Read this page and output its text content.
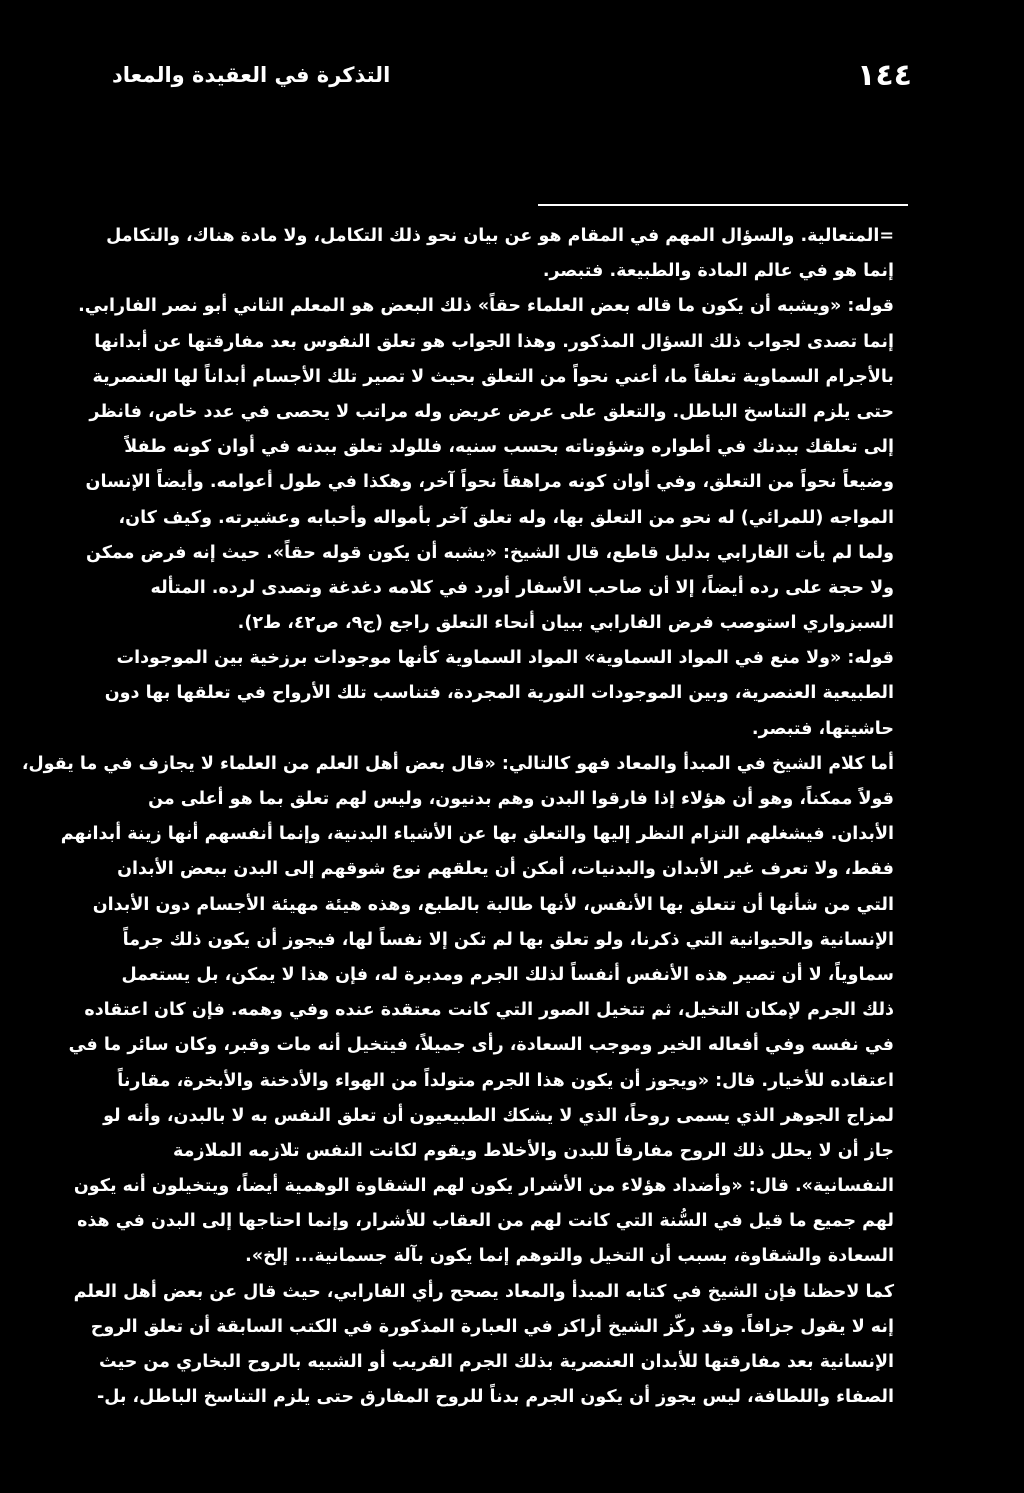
١٤٤
التذكرة في العقيدة والمعاد
=المتعالية. والسؤال المهم في المقام هو عن بيان نحو ذلك التكامل، ولا مادة هناك، والتكامل
إنما هو في عالم المادة والطبيعة. فتبصر.
قوله: «ويشبه أن يكون ما قاله بعض العلماء حقاً» ذلك البعض هو المعلم الثاني أبو نصر الفارابي.
إنما تصدى لجواب ذلك السؤال المذكور. وهذا الجواب هو تعلق النفوس بعد مفارقتها عن أبدانها
بالأجرام السماوية تعلقاً ما، أعني نحواً من التعلق بحيث لا تصير تلك الأجسام أبداناً لها العنصرية
حتى يلزم التناسخ الباطل. والتعلق على عرض عريض وله مراتب لا يحصى في عدد خاص، فانظر
إلى تعلقك ببدنك في أطواره وشؤوناته بحسب سنيه، فللولد تعلق ببدنه في أوان كونه طفلاً
وضيعاً نحواً من التعلق، وفي أوان كونه مراهقاً نحواً آخر، وهكذا في طول أعوامه. وأيضاً الإنسان
المواجه (للمرائي) له نحو من التعلق بها، وله تعلق آخر بأمواله وأحبابه وعشيرته. وكيف كان،
ولما لم يأت الفارابي بدليل قاطع، قال الشيخ: «يشبه أن يكون قوله حقاً». حيث إنه فرض ممكن
ولا حجة على رده أيضاً، إلا أن صاحب الأسفار أورد في كلامه دغدغة وتصدى لرده. المتأله
السبزواري استوصب فرض الفارابي ببيان أنحاء التعلق راجع (ج٩، ص٤٢، ط٢).
قوله: «ولا منع في المواد السماوية» المواد السماوية كأنها موجودات برزخية بين الموجودات
الطبيعية العنصرية، وبين الموجودات النورية المجردة، فتناسب تلك الأرواح في تعلقها بها دون
حاشيتها، فتبصر.
أما كلام الشيخ في المبدأ والمعاد فهو كالتالي: «قال بعض أهل العلم من العلماء لا يجازف في ما يقول،
قولاً ممكناً، وهو أن هؤلاء إذا فارقوا البدن وهم بدنيون، وليس لهم تعلق بما هو أعلى من
الأبدان. فيشغلهم التزام النظر إليها والتعلق بها عن الأشياء البدنية، وإنما أنفسهم أنها زينة أبدانهم
فقط، ولا تعرف غير الأبدان والبدنيات، أمكن أن يعلقهم نوع شوقهم إلى البدن ببعض الأبدان
التي من شأنها أن تتعلق بها الأنفس، لأنها طالبة بالطبع، وهذه هيئة مهيئة الأجسام دون الأبدان
الإنسانية والحيوانية التي ذكرنا، ولو تعلق بها لم تكن إلا نفساً لها، فيجوز أن يكون ذلك جرماً
سماوياً، لا أن تصير هذه الأنفس أنفساً لذلك الجرم ومدبرة له، فإن هذا لا يمكن، بل يستعمل
ذلك الجرم لإمكان التخيل، ثم تتخيل الصور التي كانت معتقدة عنده وفي وهمه. فإن كان اعتقاده
في نفسه وفي أفعاله الخير وموجب السعادة، رأى جميلاً، فيتخيل أنه مات وقبر، وكان سائر ما في
اعتقاده للأخيار. قال: «ويجوز أن يكون هذا الجرم متولداً من الهواء والأدخنة والأبخرة، مقارناً
لمزاج الجوهر الذي يسمى روحاً، الذي لا يشكك الطبيعيون أن تعلق النفس به لا بالبدن، وأنه لو
جاز أن لا يحلل ذلك الروح مفارقاً للبدن والأخلاط ويقوم لكانت النفس تلازمه الملازمة
النفسانية». قال: «وأضداد هؤلاء من الأشرار يكون لهم الشقاوة الوهمية أيضاً، ويتخيلون أنه يكون
لهم جميع ما قيل في السُّنة التي كانت لهم من العقاب للأشرار، وإنما احتاجها إلى البدن في هذه
السعادة والشقاوة، بسبب أن التخيل والتوهم إنما يكون بآلة جسمانية... إلخ».
كما لاحظنا فإن الشيخ في كتابه المبدأ والمعاد يصحح رأي الفارابي، حيث قال عن بعض أهل العلم
إنه لا يقول جزافاً. وقد ركّز الشيخ أراكز في العبارة المذكورة في الكتب السابقة أن تعلق الروح
الإنسانية بعد مفارقتها للأبدان العنصرية بذلك الجرم القريب أو الشبيه بالروح البخاري من حيث
الصفاء واللطافة، ليس يجوز أن يكون الجرم بدناً للروح المفارق حتى يلزم التناسخ الباطل، بل-
